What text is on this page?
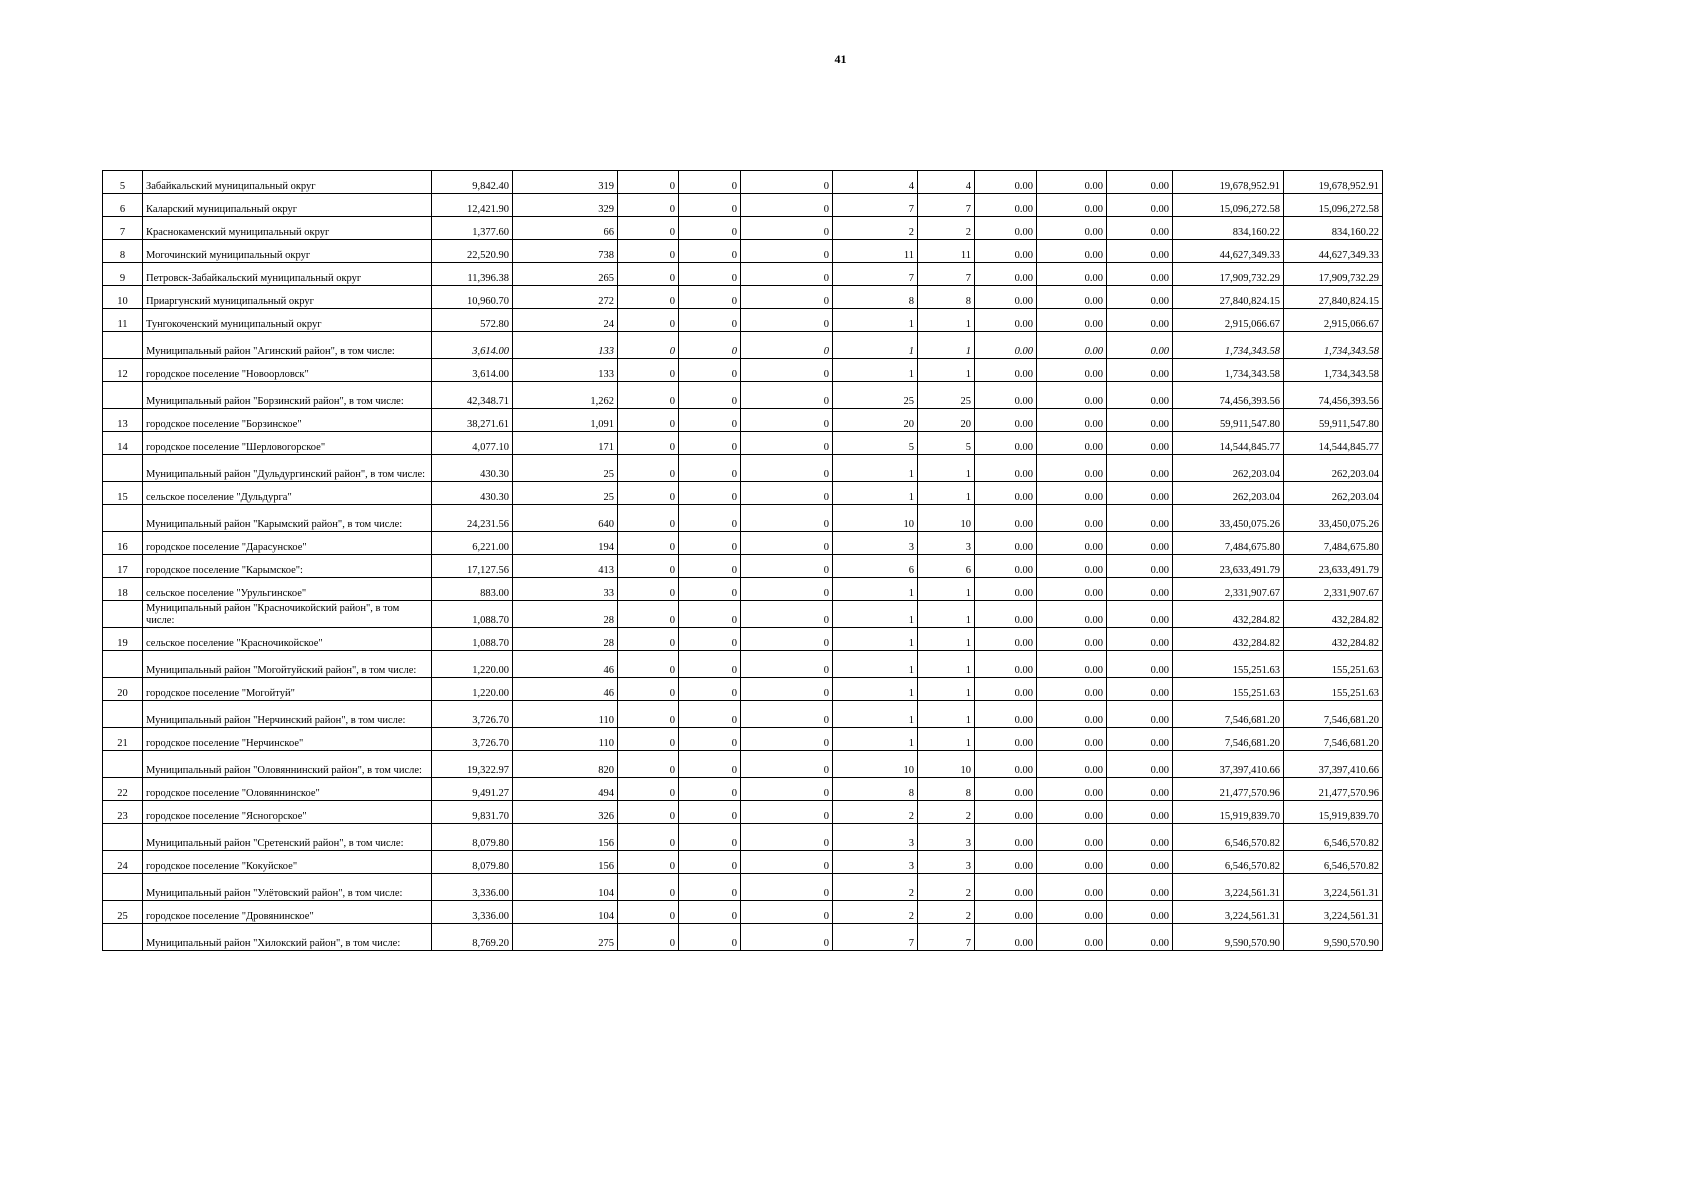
41
5	Забайкальский муниципальный округ	9,842.40	319	0	0	0	4	4	0.00	0.00	0.00	19,678,952.91	19,678,952.91
6	Каларский муниципальный округ	12,421.90	329	0	0	0	7	7	0.00	0.00	0.00	15,096,272.58	15,096,272.58
7	Краснокаменский муниципальный округ	1,377.60	66	0	0	0	2	2	0.00	0.00	0.00	834,160.22	834,160.22
8	Могочинский муниципальный округ	22,520.90	738	0	0	0	11	11	0.00	0.00	0.00	44,627,349.33	44,627,349.33
9	Петровск-Забайкальский муниципальный округ	11,396.38	265	0	0	0	7	7	0.00	0.00	0.00	17,909,732.29	17,909,732.29
10	Приаргунский муниципальный округ	10,960.70	272	0	0	0	8	8	0.00	0.00	0.00	27,840,824.15	27,840,824.15
11	Тунгокоченский муниципальный округ	572.80	24	0	0	0	1	1	0.00	0.00	0.00	2,915,066.67	2,915,066.67
	Муниципальный район "Агинский район", в том числе:	3,614.00	133	0	0	0	1	1	0.00	0.00	0.00	1,734,343.58	1,734,343.58
12	городское поселение "Новоорловск"	3,614.00	133	0	0	0	1	1	0.00	0.00	0.00	1,734,343.58	1,734,343.58
	Муниципальный район "Борзинский район", в том числе:	42,348.71	1,262	0	0	0	25	25	0.00	0.00	0.00	74,456,393.56	74,456,393.56
13	городское поселение "Борзинское"	38,271.61	1,091	0	0	0	20	20	0.00	0.00	0.00	59,911,547.80	59,911,547.80
14	городское поселение "Шерловогорское"	4,077.10	171	0	0	0	5	5	0.00	0.00	0.00	14,544,845.77	14,544,845.77
	Муниципальный район "Дульдургинский район", в том числе:	430.30	25	0	0	0	1	1	0.00	0.00	0.00	262,203.04	262,203.04
15	сельское поселение "Дульдурга"	430.30	25	0	0	0	1	1	0.00	0.00	0.00	262,203.04	262,203.04
	Муниципальный район "Карымский район", в том числе:	24,231.56	640	0	0	0	10	10	0.00	0.00	0.00	33,450,075.26	33,450,075.26
16	городское поселение "Дарасунское"	6,221.00	194	0	0	0	3	3	0.00	0.00	0.00	7,484,675.80	7,484,675.80
17	городское поселение "Карымское":	17,127.56	413	0	0	0	6	6	0.00	0.00	0.00	23,633,491.79	23,633,491.79
18	сельское поселение "Урульгинское"	883.00	33	0	0	0	1	1	0.00	0.00	0.00	2,331,907.67	2,331,907.67
	Муниципальный район "Красночикойский район", в том числе:	1,088.70	28	0	0	0	1	1	0.00	0.00	0.00	432,284.82	432,284.82
19	сельское поселение "Красночикойское"	1,088.70	28	0	0	0	1	1	0.00	0.00	0.00	432,284.82	432,284.82
	Муниципальный район "Могойтуйский район", в том числе:	1,220.00	46	0	0	0	1	1	0.00	0.00	0.00	155,251.63	155,251.63
20	городское поселение "Могойтуй"	1,220.00	46	0	0	0	1	1	0.00	0.00	0.00	155,251.63	155,251.63
	Муниципальный район "Нерчинский район", в том числе:	3,726.70	110	0	0	0	1	1	0.00	0.00	0.00	7,546,681.20	7,546,681.20
21	городское поселение "Нерчинское"	3,726.70	110	0	0	0	1	1	0.00	0.00	0.00	7,546,681.20	7,546,681.20
	Муниципальный район "Оловяннинский район", в том числе:	19,322.97	820	0	0	0	10	10	0.00	0.00	0.00	37,397,410.66	37,397,410.66
22	городское поселение "Оловяннинское"	9,491.27	494	0	0	0	8	8	0.00	0.00	0.00	21,477,570.96	21,477,570.96
23	городское поселение "Ясногорское"	9,831.70	326	0	0	0	2	2	0.00	0.00	0.00	15,919,839.70	15,919,839.70
	Муниципальный район "Сретенский район", в том числе:	8,079.80	156	0	0	0	3	3	0.00	0.00	0.00	6,546,570.82	6,546,570.82
24	городское поселение "Кокуйское"	8,079.80	156	0	0	0	3	3	0.00	0.00	0.00	6,546,570.82	6,546,570.82
	Муниципальный район "Улётовский район", в том числе:	3,336.00	104	0	0	0	2	2	0.00	0.00	0.00	3,224,561.31	3,224,561.31
25	городское поселение "Дровянинское"	3,336.00	104	0	0	0	2	2	0.00	0.00	0.00	3,224,561.31	3,224,561.31
	Муниципальный район "Хилокский район", в том числе:	8,769.20	275	0	0	0	7	7	0.00	0.00	0.00	9,590,570.90	9,590,570.90
